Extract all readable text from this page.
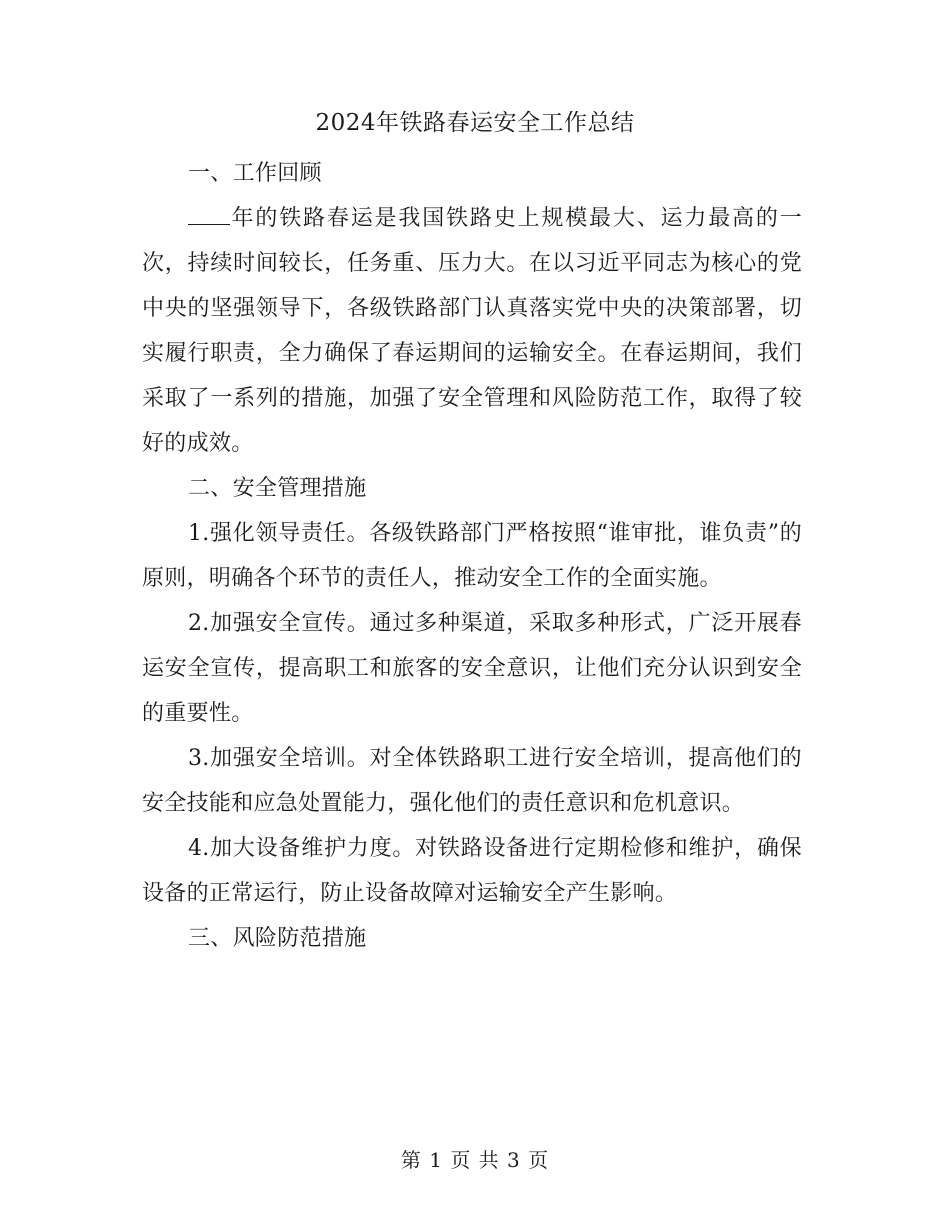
2024年铁路春运安全工作总结

一、工作回顾

年的铁路春运是我国铁路史上规模最大、运力最高的一次，持续时间较长，任务重、压力大。在以习近平同志为核心的党中央的坚强领导下，各级铁路部门认真落实党中央的决策部署，切实履行职责，全力确保了春运期间的运输安全。在春运期间，我们采取了一系列的措施，加强了安全管理和风险防范工作，取得了较好的成效。

二、安全管理措施

1.强化领导责任。各级铁路部门严格按照“谁审批，谁负责”的原则，明确各个环节的责任人，推动安全工作的全面实施。

2.加强安全宣传。通过多种渠道，采取多种形式，广泛开展春运安全宣传，提高职工和旅客的安全意识，让他们充分认识到安全的重要性。

3.加强安全培训。对全体铁路职工进行安全培训，提高他们的安全技能和应急处置能力，强化他们的责任意识和危机意识。

4.加大设备维护力度。对铁路设备进行定期检修和维护，确保设备的正常运行，防止设备故障对运输安全产生影响。

三、风险防范措施

第 1 页 共 3 页
